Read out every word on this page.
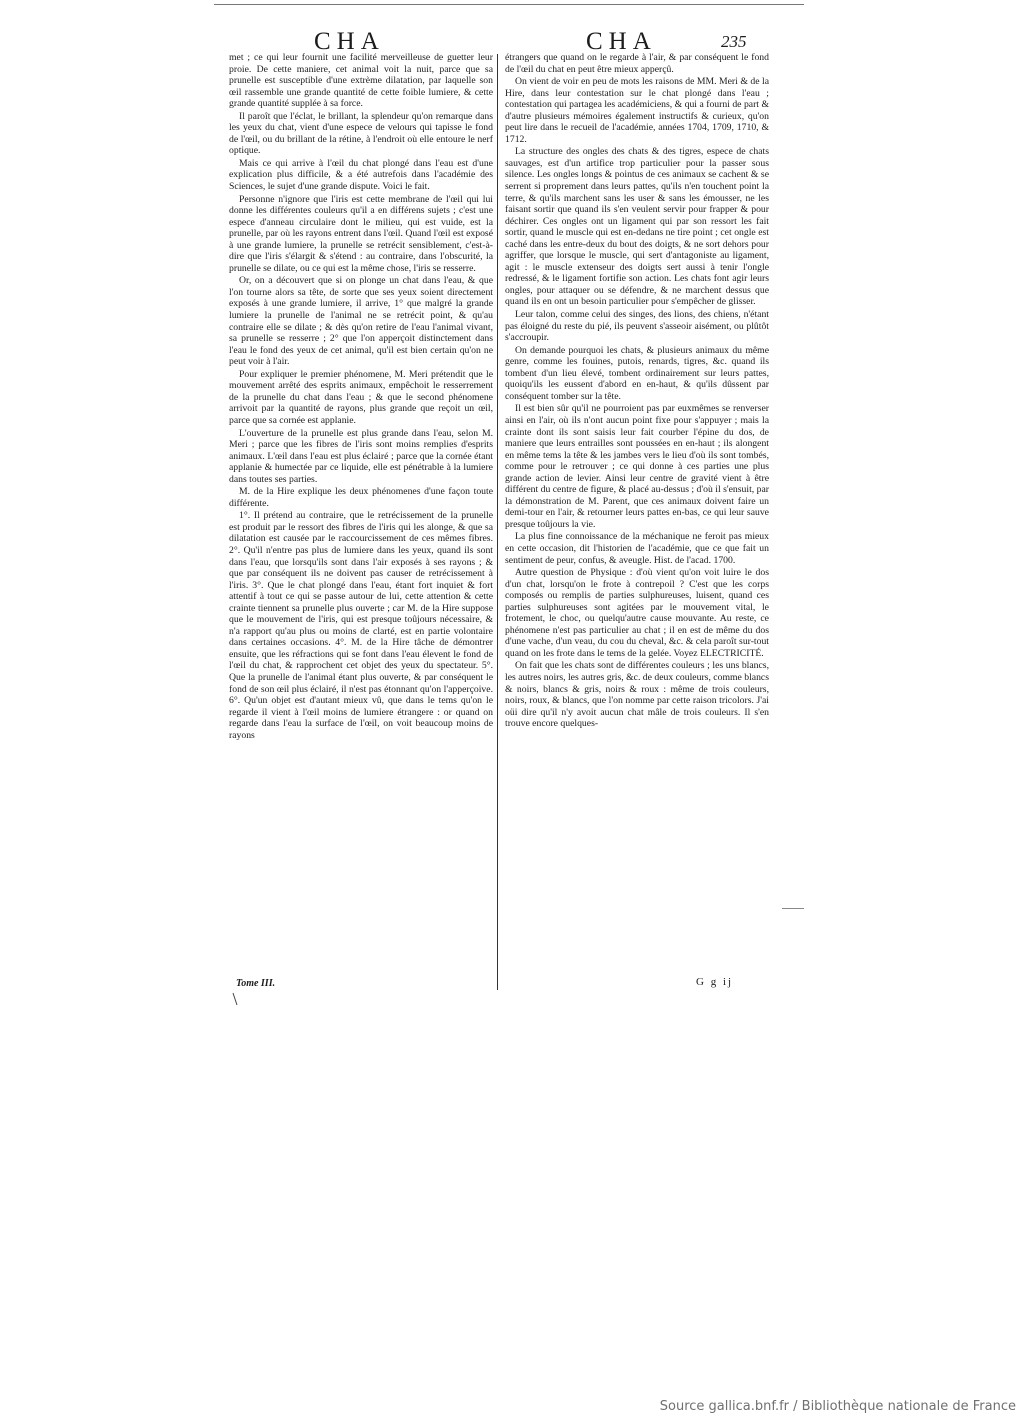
CHA	CHA	235

met ; ce qui leur fournit une facilité merveilleuse de guetter leur proie. De cette maniere, cet animal voit la nuit, parce que sa prunelle est susceptible d'une extrème dilatation, par laquelle son œil rassemble une grande quantité de cette foible lumiere, & cette grande quantité supplée à sa force.

Il paroît que l'éclat, le brillant, la splendeur qu'on remarque dans les yeux du chat, vient d'une espece de velours qui tapisse le fond de l'œil, ou du brillant de la rétine, à l'endroit où elle entoure le nerf optique.

Mais ce qui arrive à l'œil du chat plongé dans l'eau est d'une explication plus difficile, & a été autrefois dans l'académie des Sciences, le sujet d'une grande dispute. Voici le fait.

Personne n'ignore que l'iris est cette membrane de l'œil qui lui donne les différentes couleurs qu'il a en différens sujets ; c'est une espece d'anneau circulaire dont le milieu, qui est vuide, est la prunelle, par où les rayons entrent dans l'œil. Quand l'œil est exposé à une grande lumiere, la prunelle se retrécit sensiblement, c'est-à-dire que l'iris s'élargit & s'étend : au contraire, dans l'obscurité, la prunelle se dilate, ou ce qui est la même chose, l'iris se resserre.

Or, on a découvert que si on plonge un chat dans l'eau, & que l'on tourne alors sa tête, de sorte que ses yeux soient directement exposés à une grande lumiere, il arrive, 1° que malgré la grande lumiere la prunelle de l'animal ne se retrécit point, & qu'au contraire elle se dilate ; & dès qu'on retire de l'eau l'animal vivant, sa prunelle se resserre ; 2° que l'on apperçoit distinctement dans l'eau le fond des yeux de cet animal, qu'il est bien certain qu'on ne peut voir à l'air.

Pour expliquer le premier phénomene, M. Meri prétendit que le mouvement arrêté des esprits animaux, empêchoit le resserrement de la prunelle du chat dans l'eau ; & que le second phénomene arrivoit par la quantité de rayons, plus grande que reçoit un œil, parce que sa cornée est applanie.

L'ouverture de la prunelle est plus grande dans l'eau, selon M. Meri ; parce que les fibres de l'iris sont moins remplies d'esprits animaux. L'œil dans l'eau est plus éclairé ; parce que la cornée étant applanie & humectée par ce liquide, elle est pénétrable à la lumiere dans toutes ses parties.

M. de la Hire explique les deux phénomenes d'une façon toute différente.

1°. Il prétend au contraire, que le retrécissement de la prunelle est produit par le ressort des fibres de l'iris qui les alonge, & que sa dilatation est causée par le raccourcissement de ces mêmes fibres. 2°. Qu'il n'entre pas plus de lumiere dans les yeux, quand ils sont dans l'eau, que lorsqu'ils sont dans l'air exposés à ses rayons ; & que par conséquent ils ne doivent pas causer de retrécissement à l'iris. 3°. Que le chat plongé dans l'eau, étant fort inquiet & fort attentif à tout ce qui se passe autour de lui, cette attention & cette crainte tiennent sa prunelle plus ouverte ; car M. de la Hire suppose que le mouvement de l'iris, qui est presque toûjours nécessaire, & n'a rapport qu'au plus ou moins de clarté, est en partie volontaire dans certaines occasions. 4°. M. de la Hire tâche de démontrer ensuite, que les réfractions qui se font dans l'eau élevent le fond de l'œil du chat, & rapprochent cet objet des yeux du spectateur. 5°. Que la prunelle de l'animal étant plus ouverte, & par conséquent le fond de son œil plus éclairé, il n'est pas étonnant qu'on l'apperçoive. 6°. Qu'un objet est d'autant mieux vû, que dans le tems qu'on le regarde il vient à l'œil moins de lumiere étrangere : or quand on regarde dans l'eau la surface de l'œil, on voit beaucoup moins de rayons

étrangers que quand on le regarde à l'air, & par conséquent le fond de l'œil du chat en peut être mieux apperçû.

On vient de voir en peu de mots les raisons de MM. Meri & de la Hire, dans leur contestation sur le chat plongé dans l'eau ; contestation qui partagea les académiciens, & qui a fourni de part & d'autre plusieurs mémoires également instructifs & curieux, qu'on peut lire dans le recueil de l'académie, années 1704, 1709, 1710, & 1712.

La structure des ongles des chats & des tigres, espece de chats sauvages, est d'un artifice trop particulier pour la passer sous silence. Les ongles longs & pointus de ces animaux se cachent & se serrent si proprement dans leurs pattes, qu'ils n'en touchent point la terre, & qu'ils marchent sans les user & sans les émousser, ne les faisant sortir que quand ils s'en veulent servir pour frapper & pour déchirer. Ces ongles ont un ligament qui par son ressort les fait sortir, quand le muscle qui est en-dedans ne tire point ; cet ongle est caché dans les entre-deux du bout des doigts, & ne sort dehors pour agriffer, que lorsque le muscle, qui sert d'antagoniste au ligament, agit : le muscle extenseur des doigts sert aussi à tenir l'ongle redressé, & le ligament fortifie son action. Les chats font agir leurs ongles, pour attaquer ou se défendre, & ne marchent dessus que quand ils en ont un besoin particulier pour s'empêcher de glisser.

Leur talon, comme celui des singes, des lions, des chiens, n'étant pas éloigné du reste du pié, ils peuvent s'asseoir aisément, ou plûtôt s'accroupir.

On demande pourquoi les chats, & plusieurs animaux du même genre, comme les fouines, putois, renards, tigres, &c. quand ils tombent d'un lieu élevé, tombent ordinairement sur leurs pattes, quoiqu'ils les eussent d'abord en en-haut, & qu'ils dûssent par conséquent tomber sur la tête.

Il est bien sûr qu'il ne pourroient pas par euxmêmes se renverser ainsi en l'air, où ils n'ont aucun point fixe pour s'appuyer ; mais la crainte dont ils sont saisis leur fait courber l'épine du dos, de maniere que leurs entrailles sont poussées en en-haut ; ils alongent en même tems la tête & les jambes vers le lieu d'où ils sont tombés, comme pour le retrouver ; ce qui donne à ces parties une plus grande action de levier. Ainsi leur centre de gravité vient à être différent du centre de figure, & placé au-dessus ; d'où il s'ensuit, par la démonstration de M. Parent, que ces animaux doivent faire un demi-tour en l'air, & retourner leurs pattes en-bas, ce qui leur sauve presque toûjours la vie.

La plus fine connoissance de la méchanique ne feroit pas mieux en cette occasion, dit l'historien de l'académie, que ce que fait un sentiment de peur, confus, & aveugle. Hist. de l'acad. 1700.

Autre question de Physique : d'où vient qu'on voit luire le dos d'un chat, lorsqu'on le frote à contrepoil ? C'est que les corps composés ou remplis de parties sulphureuses, luisent, quand ces parties sulphureuses sont agitées par le mouvement vital, le frotement, le choc, ou quelqu'autre cause mouvante. Au reste, ce phénomene n'est pas particulier au chat ; il en est de même du dos d'une vache, d'un veau, du cou du cheval, &c. & cela paroît sur-tout quand on les frote dans le tems de la gelée. Voyez ELECTRICITÉ.

On fait que les chats sont de différentes couleurs ; les uns blancs, les autres noirs, les autres gris, &c. de deux couleurs, comme blancs & noirs, blancs & gris, noirs & roux : même de trois couleurs, noirs, roux, & blancs, que l'on nomme par cette raison tricolors. J'ai oüi dire qu'il n'y avoit aucun chat mâle de trois couleurs. Il s'en trouve encore quelques-

Tome III.	G g ij
Source gallica.bnf.fr / Bibliothèque nationale de France
